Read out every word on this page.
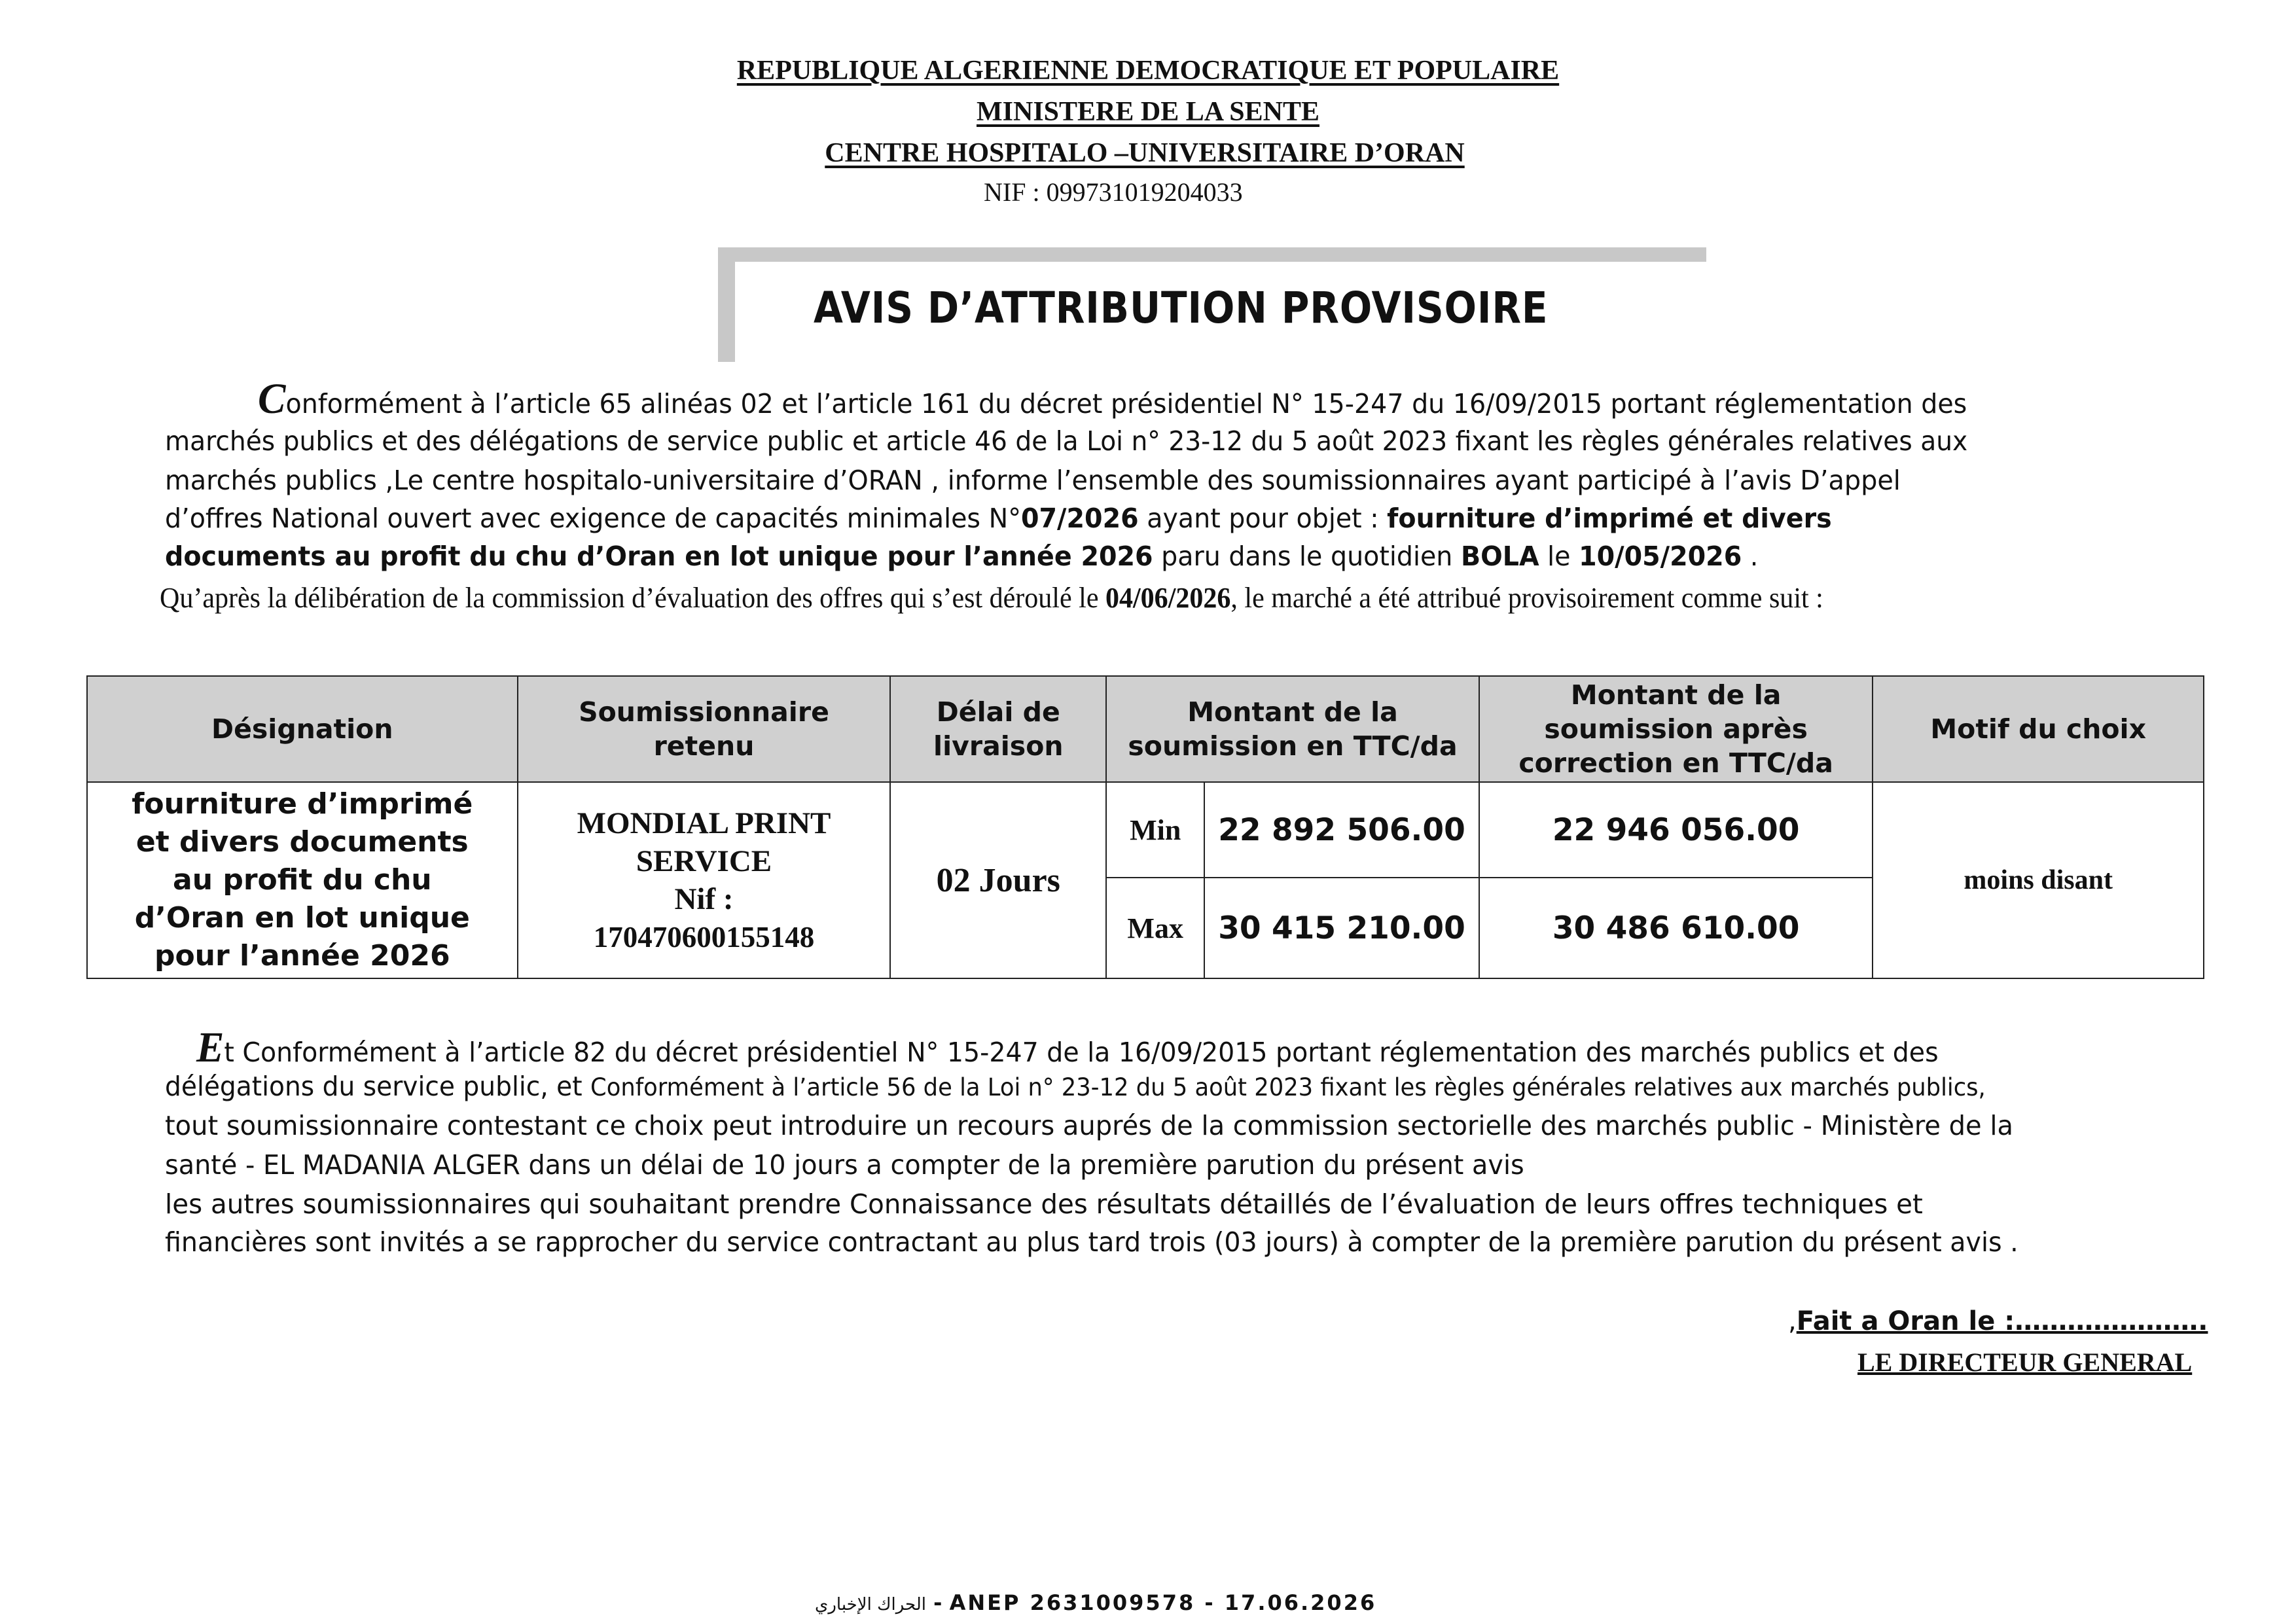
REPUBLIQUE ALGERIENNE DEMOCRATIQUE ET POPULAIRE
MINISTERE DE LA SENTE
CENTRE HOSPITALO –UNIVERSITAIRE D’ORAN
NIF : 099731019204033
AVIS D’ATTRIBUTION PROVISOIRE
Conformément à l’article 65 alinéas 02 et l’article 161 du décret présidentiel N° 15-247 du 16/09/2015 portant réglementation des
marchés publics et des délégations de service public et article 46 de la Loi n° 23-12 du 5 août 2023 fixant les règles générales relatives aux
marchés publics ,Le centre hospitalo-universitaire d’ORAN , informe l’ensemble des soumissionnaires ayant participé à l’avis D’appel
d’offres National ouvert avec exigence de capacités minimales N°07/2026 ayant pour objet : fourniture d’imprimé et divers
documents au profit du chu d’Oran en lot unique pour l’année 2026 paru dans le quotidien BOLA le 10/05/2026 .
Qu’après la délibération de la commission d’évaluation des offres qui s’est déroulé le 04/06/2026, le marché a été attribué provisoirement comme suit :
Désignation	Soumissionnaire retenu	Délai de livraison	Montant de la soumission en TTC/da		Montant de la soumission après correction en TTC/da	Motif du choix
fourniture d’imprimé et divers documents au profit du chu d’Oran en lot unique pour l’année 2026	MONDIAL PRINT SERVICE
Nif :
170470600155148	02 Jours	Min	22 892 506.00	22 946 056.00	moins disant
			Max	30 415 210.00	30 486 610.00	
Et Conformément à l’article 82 du décret présidentiel N° 15-247 de la 16/09/2015 portant réglementation des marchés publics et des
délégations du service public, et Conformément à l’article 56 de la Loi n° 23-12 du 5 août 2023 fixant les règles générales relatives aux marchés publics,
tout soumissionnaire contestant ce choix peut introduire un recours auprés de la commission sectorielle des marchés public - Ministère de la
santé - EL MADANIA ALGER dans un délai de 10 jours a compter de la première parution du présent avis
les autres soumissionnaires qui souhaitant prendre Connaissance des résultats détaillés de l’évaluation de leurs offres techniques et
financières sont invités a se rapprocher du service contractant au plus tard trois (03 jours) à compter de la première parution du présent avis .
,Fait a Oran le :………………….
LE DIRECTEUR GENERAL
الحراك الإخباري - ANEP 2631009578 - 17.06.2026
